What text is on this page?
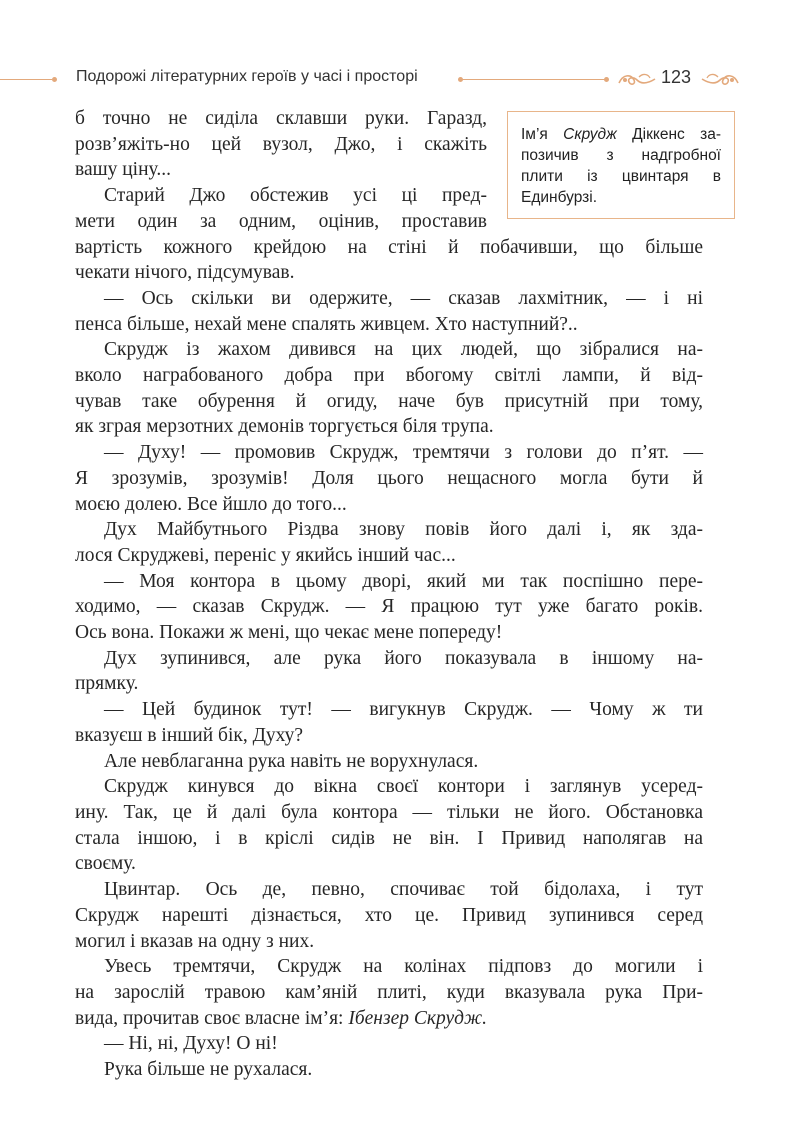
Подорожі літературних героїв у часі і просторі	123
Ім’я Скрудж Діккенс за-
позичив з надгробної
плити із цвинтаря в
Единбурзі.

б точно не сиділа склавши руки. Гаразд,
розв’яжіть-но цей вузол, Джо, і скажіть
вашу ціну...

Старий Джо обстежив усі ці пред-
мети один за одним, оцінив, проставив
вартість кожного крейдою на стіні й побачивши, що більше
чекати нічого, підсумував.

— Ось скільки ви одержите, — сказав лахмітник, — і ні
пенса більше, нехай мене спалять живцем. Хто наступний?..

Скрудж із жахом дивився на цих людей, що зібралися на-
вколо награбованого добра при вбогому світлі лампи, й від-
чував таке обурення й огиду, наче був присутній при тому,
як зграя мерзотних демонів торгується біля трупа.

— Духу! — промовив Скрудж, тремтячи з голови до п’ят. —
Я зрозумів, зрозумів! Доля цього нещасного могла бути й
моєю долею. Все йшло до того...

Дух Майбутнього Різдва знову повів його далі і, як зда-
лося Скруджеві, переніс у якийсь інший час...

— Моя контора в цьому дворі, який ми так поспішно пере-
ходимо, — сказав Скрудж. — Я працюю тут уже багато років.
Ось вона. Покажи ж мені, що чекає мене попереду!

Дух зупинився, але рука його показувала в іншому на-
прямку.

— Цей будинок тут! — вигукнув Скрудж. — Чому ж ти
вказуєш в інший бік, Духу?

Але невблаганна рука навіть не ворухнулася.

Скрудж кинувся до вікна своєї контори і заглянув усеред-
ину. Так, це й далі була контора — тільки не його. Обстановка
стала іншою, і в кріслі сидів не він. І Привид наполягав на
своєму.

Цвинтар. Ось де, певно, спочиває той бідолаха, і тут
Скрудж нарешті дізнається, хто це. Привид зупинився серед
могил і вказав на одну з них.

Увесь тремтячи, Скрудж на колінах підповз до могили і
на зарослій травою кам’яній плиті, куди вказувала рука При-
вида, прочитав своє власне ім’я: Ібензер Скрудж.

— Ні, ні, Духу! О ні!

Рука більше не рухалася.
